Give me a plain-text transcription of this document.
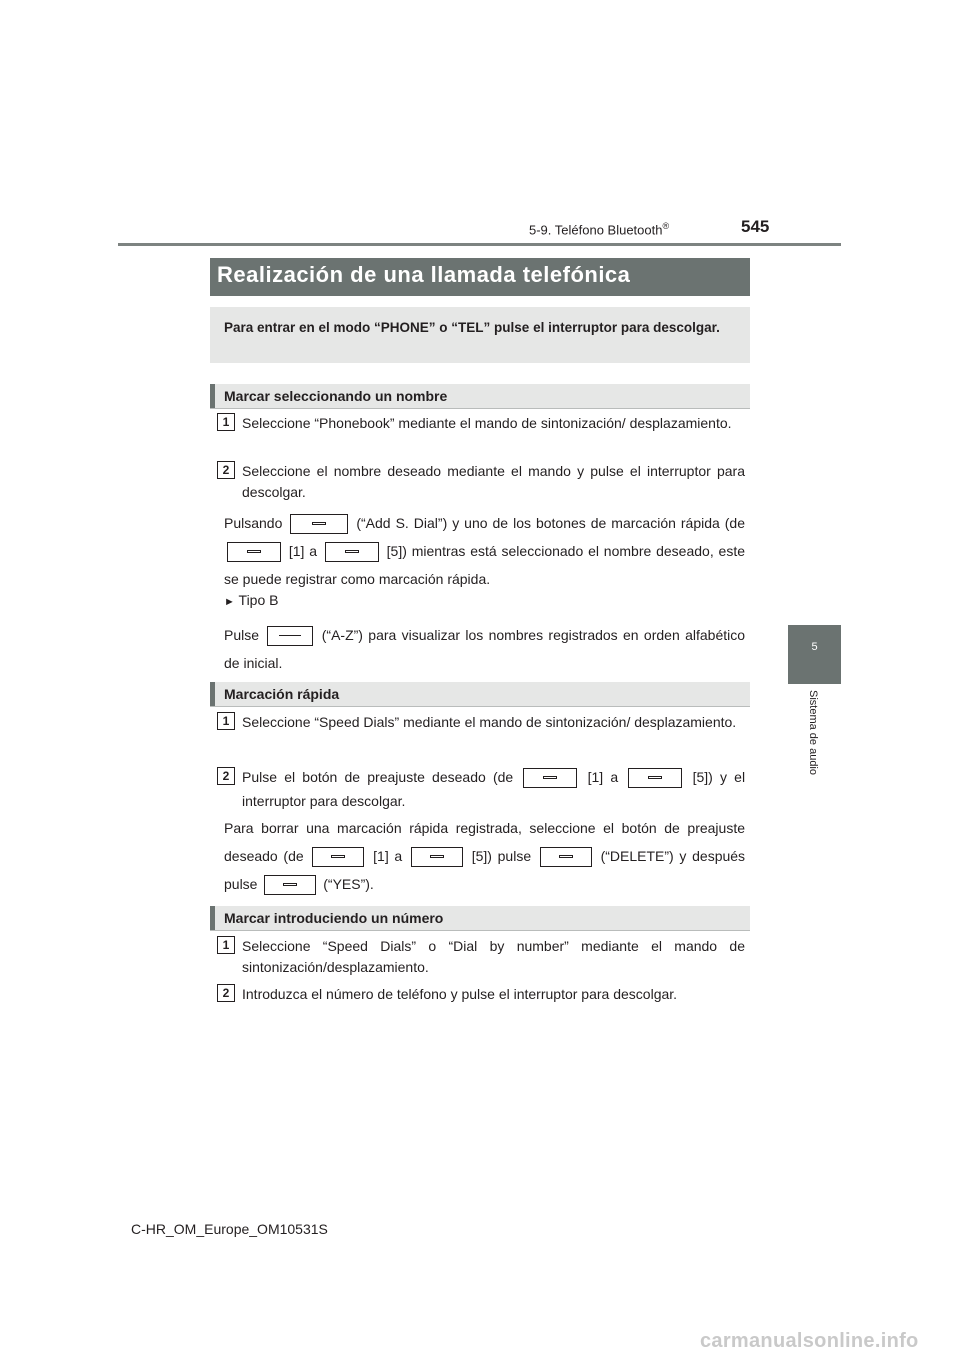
5-9. Teléfono Bluetooth®	545
5
Sistema de audio
Realización de una llamada telefónica

Para entrar en el modo “PHONE” o “TEL” pulse el interruptor para descolgar.

Marcar seleccionando un nombre
1 Seleccione “Phonebook” mediante el mando de sintonización/ desplazamiento.

2 Seleccione el nombre deseado mediante el mando y pulse el interruptor para descolgar.

Pulsando	(“Add S. Dial”) y uno de los botones de marcación rápida (de  [1] a	[5]) mientras está seleccionado el nombre deseado, este se puede registrar como marcación rápida.

► Tipo B

Pulse	(“A-Z”) para visualizar los nombres registrados en orden alfabético de inicial.

Marcación rápida
1 Seleccione “Speed Dials” mediante el mando de sintonización/ desplazamiento.

2 Pulse el botón de preajuste deseado (de	[1] a	[5]) y el interruptor para descolgar.

Para borrar una marcación rápida registrada, seleccione el botón de preajuste deseado (de	[1] a	[5]) pulse	(“DELETE”) y después pulse	(“YES”).

Marcar introduciendo un número
1 Seleccione “Speed Dials” o “Dial by number” mediante el mando de sintonización/desplazamiento.

2 Introduzca el número de teléfono y pulse el interruptor para descolgar.

C-HR_OM_Europe_OM10531S
carmanualsonline.info
